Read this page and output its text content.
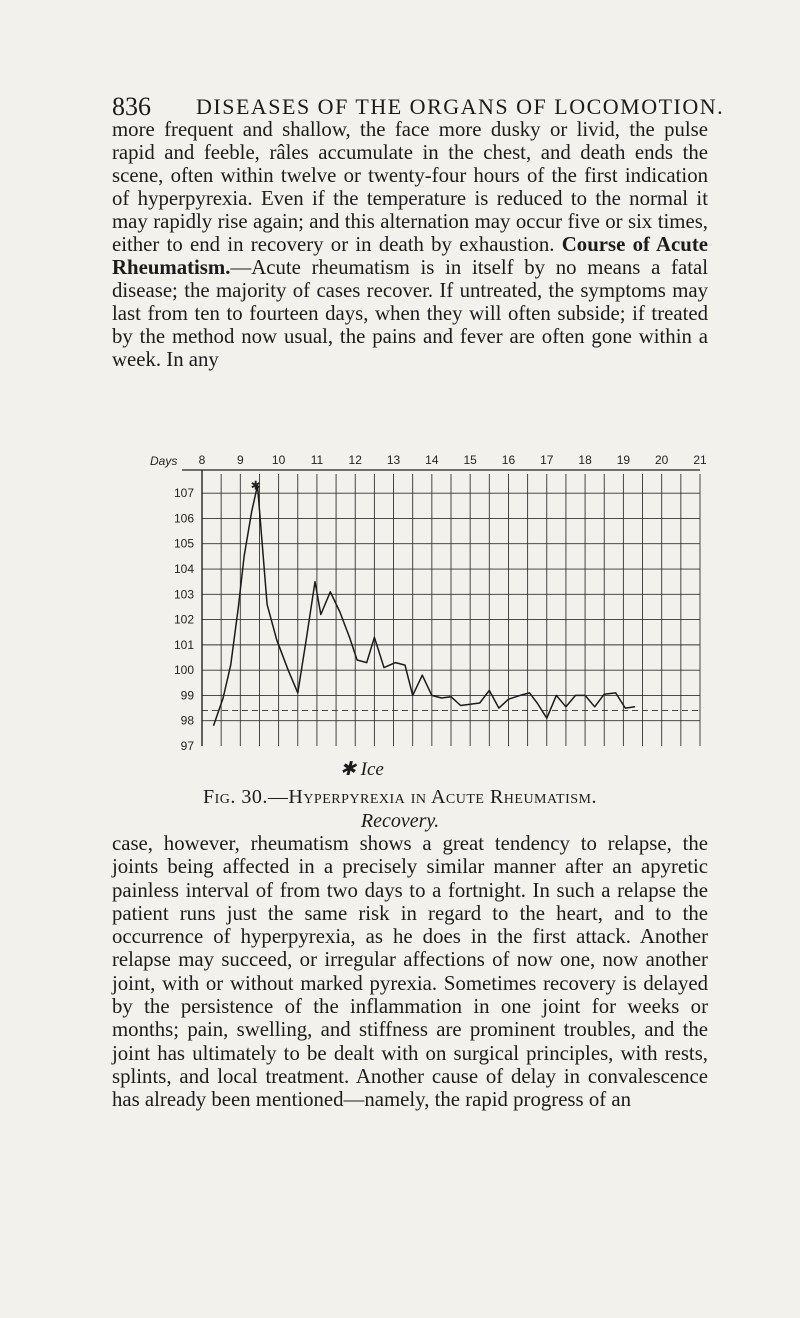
836 DISEASES OF THE ORGANS OF LOCOMOTION.

more frequent and shallow, the face more dusky or livid, the pulse rapid and feeble, râles accumulate in the chest, and death ends the scene, often within twelve or twenty-four hours of the first indication of hyperpyrexia. Even if the temperature is reduced to the normal it may rapidly rise again; and this alternation may occur five or six times, either to end in recovery or in death by exhaustion. Course of Acute Rheumatism.—Acute rheumatism is in itself by no means a fatal disease; the majority of cases recover. If untreated, the symptoms may last from ten to fourteen days, when they will often subside; if treated by the method now usual, the pains and fever are often gone within a week. In any

107
106
105
104
103
102
101
100
99
98
97
8	9 10 11 12 13 14 15 16 17 18 19 20 21
Days
✱
✱ Ice
Fig. 30.—Hyperpyrexia in Acute Rheumatism.
Recovery.

case, however, rheumatism shows a great tendency to relapse, the joints being affected in a precisely similar manner after an apyretic painless interval of from two days to a fortnight. In such a relapse the patient runs just the same risk in regard to the heart, and to the occurrence of hyperpyrexia, as he does in the first attack. Another relapse may succeed, or irregular affections of now one, now another joint, with or without marked pyrexia. Sometimes recovery is delayed by the persistence of the inflammation in one joint for weeks or months; pain, swelling, and stiffness are prominent troubles, and the joint has ultimately to be dealt with on surgical principles, with rests, splints, and local treatment. Another cause of delay in convalescence has already been mentioned—namely, the rapid progress of an
